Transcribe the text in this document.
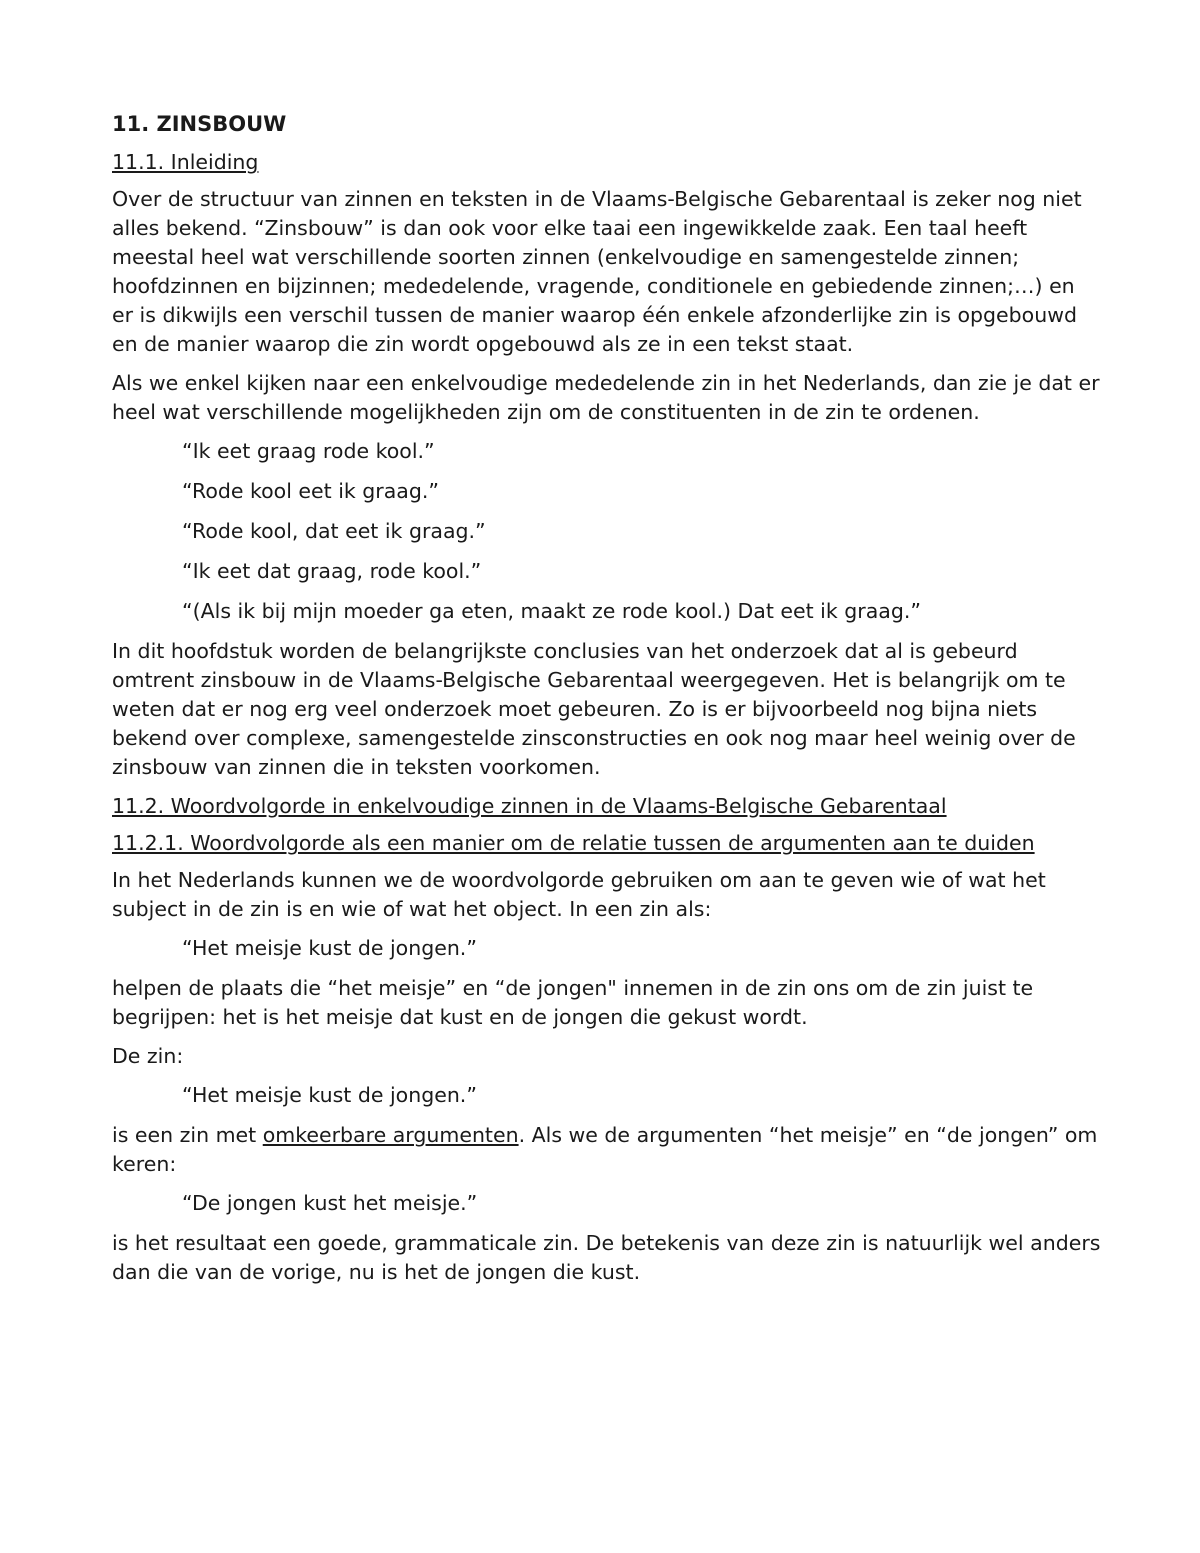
11. ZINSBOUW
11.1. Inleiding

Over de structuur van zinnen en teksten in de Vlaams-Belgische Gebarentaal is zeker nog niet alles bekend. “Zinsbouw” is dan ook voor elke taai een ingewikkelde zaak. Een taal heeft meestal heel wat verschillende soorten zinnen (enkelvoudige en samengestelde zinnen; hoofdzinnen en bijzinnen; mededelende, vragende, conditionele en gebiedende zinnen;…) en er is dikwijls een verschil tussen de manier waarop één enkele afzonderlijke zin is opgebouwd en de manier waarop die zin wordt opgebouwd als ze in een tekst staat.

Als we enkel kijken naar een enkelvoudige mededelende zin in het Nederlands, dan zie je dat er heel wat verschillende mogelijkheden zijn om de constituenten in de zin te ordenen.

“Ik eet graag rode kool.”

“Rode kool eet ik graag.”

“Rode kool, dat eet ik graag.”

“Ik eet dat graag, rode kool.”

“(Als ik bij mijn moeder ga eten, maakt ze rode kool.) Dat eet ik graag.”

In dit hoofdstuk worden de belangrijkste conclusies van het onderzoek dat al is gebeurd omtrent zinsbouw in de Vlaams-Belgische Gebarentaal weergegeven. Het is belangrijk om te weten dat er nog erg veel onderzoek moet gebeuren. Zo is er bijvoorbeeld nog bijna niets bekend over complexe, samengestelde zinsconstructies en ook nog maar heel weinig over de zinsbouw van zinnen die in teksten voorkomen.

11.2. Woordvolgorde in enkelvoudige zinnen in de Vlaams-Belgische Gebarentaal
11.2.1. Woordvolgorde als een manier om de relatie tussen de argumenten aan te duiden

In het Nederlands kunnen we de woordvolgorde gebruiken om aan te geven wie of wat het subject in de zin is en wie of wat het object. In een zin als:

“Het meisje kust de jongen.”

helpen de plaats die “het meisje” en “de jongen" innemen in de zin ons om de zin juist te begrijpen: het is het meisje dat kust en de jongen die gekust wordt.

De zin:

“Het meisje kust de jongen.”

is een zin met omkeerbare argumenten. Als we de argumenten “het meisje” en “de jongen” om keren:

“De jongen kust het meisje.”

is het resultaat een goede, grammaticale zin. De betekenis van deze zin is natuurlijk wel anders dan die van de vorige, nu is het de jongen die kust.
